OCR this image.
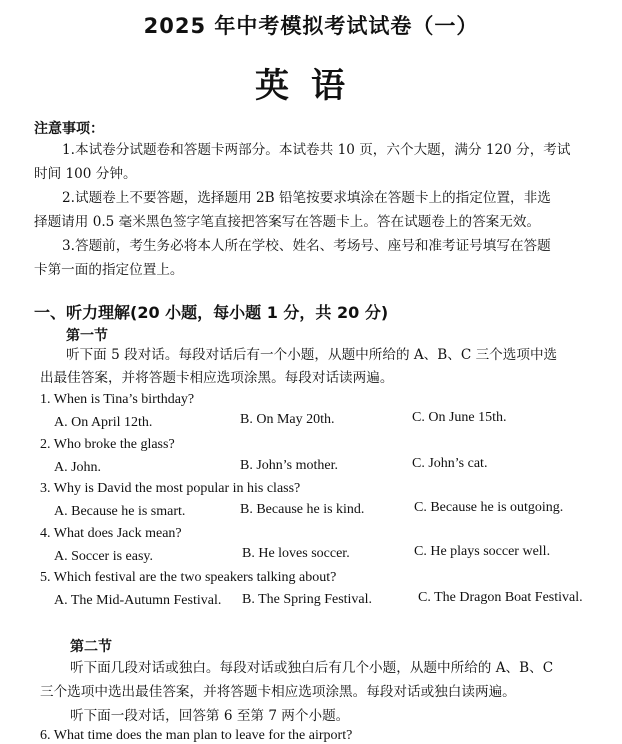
2025 年中考模拟考试试卷（一）
英语
注意事项：
1.本试卷分试题卷和答题卡两部分。本试卷共 10 页，六个大题，满分 120 分，考试
时间 100 分钟。
2.试题卷上不要答题，选择题用 2B 铅笔按要求填涂在答题卡上的指定位置，非选
择题请用 0.5 毫米黑色签字笔直接把答案写在答题卡上。答在试题卷上的答案无效。
3.答题前，考生务必将本人所在学校、姓名、考场号、座号和准考证号填写在答题
卡第一面的指定位置上。
一、听力理解(20 小题，每小题 1 分，共 20 分)
第一节
听下面 5 段对话。每段对话后有一个小题，从题中所给的 A、B、C 三个选项中选
出最佳答案，并将答题卡相应选项涂黑。每段对话读两遍。
1. When is Tina’s birthday?
A. On April 12th.	B. On May 20th.	C. On June 15th.
2. Who broke the glass?
A. John.	B. John’s mother.	C. John’s cat.
3. Why is David the most popular in his class?
A. Because he is smart.	B. Because he is kind.	C. Because he is outgoing.
4. What does Jack mean?
A. Soccer is easy.	B. He loves soccer.	C. He plays soccer well.
5. Which festival are the two speakers talking about?
A. The Mid-Autumn Festival. B. The Spring Festival.	C. The Dragon Boat Festival.
第二节
听下面几段对话或独白。每段对话或独白后有几个小题，从题中所给的 A、B、C
三个选项中选出最佳答案，并将答题卡相应选项涂黑。每段对话或独白读两遍。
听下面一段对话，回答第 6 至第 7 两个小题。
6. What time does the man plan to leave for the airport?
